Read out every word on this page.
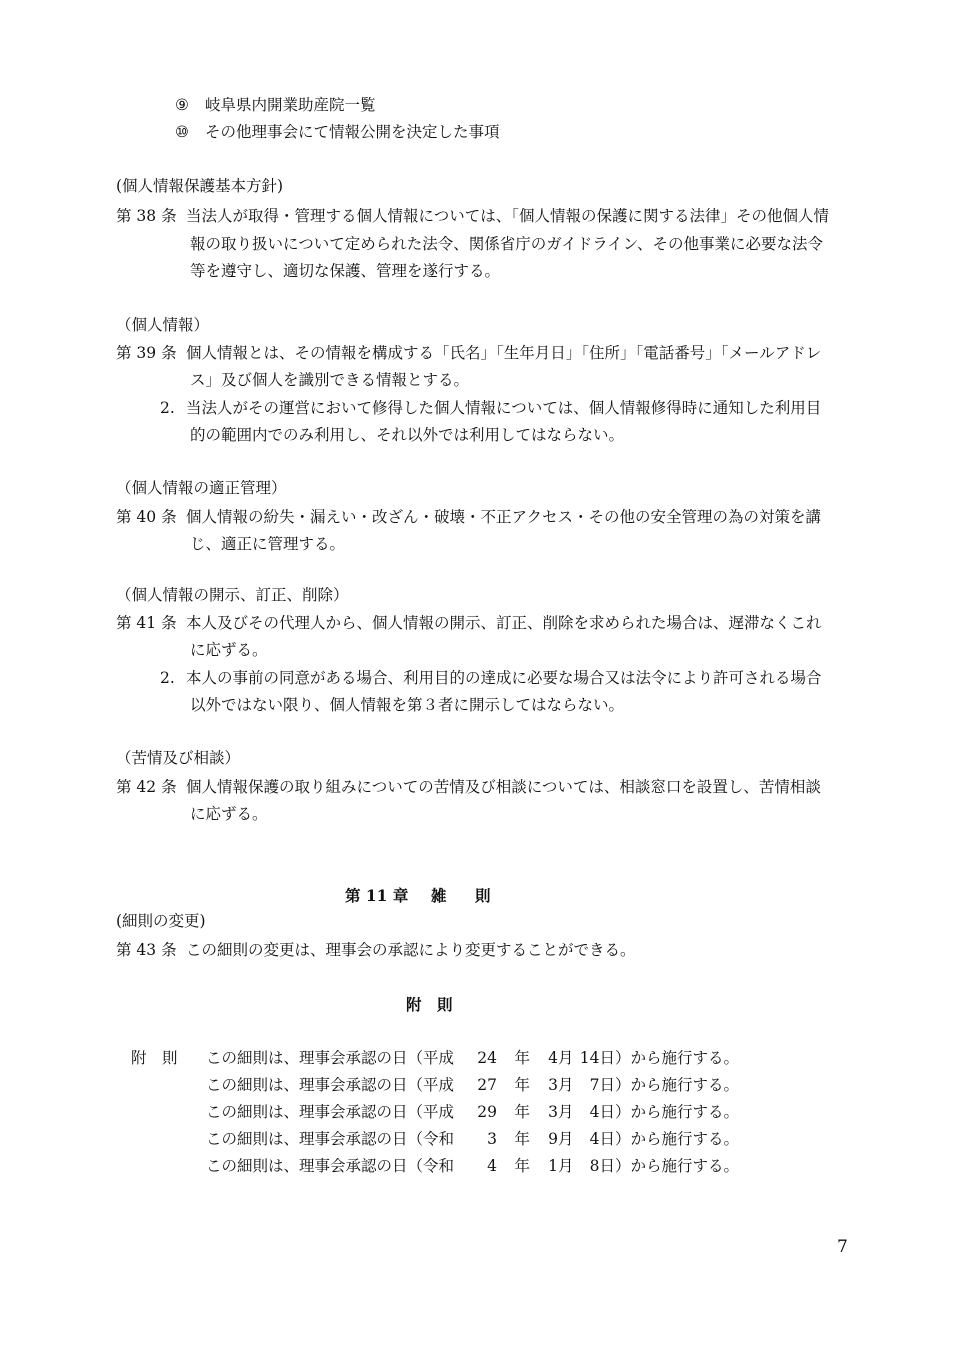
⑨ 岐阜県内開業助産院一覧
⑩ その他理事会にて情報公開を決定した事項
(個人情報保護基本方針)
第 38 条 当法人が取得・管理する個人情報については、「個人情報の保護に関する法律」その他個人情
報の取り扱いについて定められた法令、関係省庁のガイドライン、その他事業に必要な法令
等を遵守し、適切な保護、管理を遂行する。
（個人情報）
第 39 条 個人情報とは、その情報を構成する「氏名」「生年月日」「住所」「電話番号」「メールアドレ
ス」及び個人を識別できる情報とする。
2. 当法人がその運営において修得した個人情報については、個人情報修得時に通知した利用目
的の範囲内でのみ利用し、それ以外では利用してはならない。
（個人情報の適正管理）
第 40 条 個人情報の紛失・漏えい・改ざん・破壊・不正アクセス・その他の安全管理の為の対策を講
じ、適正に管理する。
（個人情報の開示、訂正、削除）
第 41 条 本人及びその代理人から、個人情報の開示、訂正、削除を求められた場合は、遅滞なくこれ
に応ずる。
2. 本人の事前の同意がある場合、利用目的の達成に必要な場合又は法令により許可される場合
以外ではない限り、個人情報を第３者に開示してはならない。
（苦情及び相談）
第 42 条 個人情報保護の取り組みについての苦情及び相談については、相談窓口を設置し、苦情相談
に応ずる。
第 11 章 雑 則
(細則の変更)
第 43 条 この細則の変更は、理事会の承認により変更することができる。
附　則
附 則 この細則は、理事会承認の日（平成 24 年 4月 14日）から施行する。
この細則は、理事会承認の日（平成 27 年 3月 7日）から施行する。
この細則は、理事会承認の日（平成 29 年 3月 4日）から施行する。
この細則は、理事会承認の日（令和 3 年 9月 4日）から施行する。
この細則は、理事会承認の日（令和 4 年 1月 8日）から施行する。
7
